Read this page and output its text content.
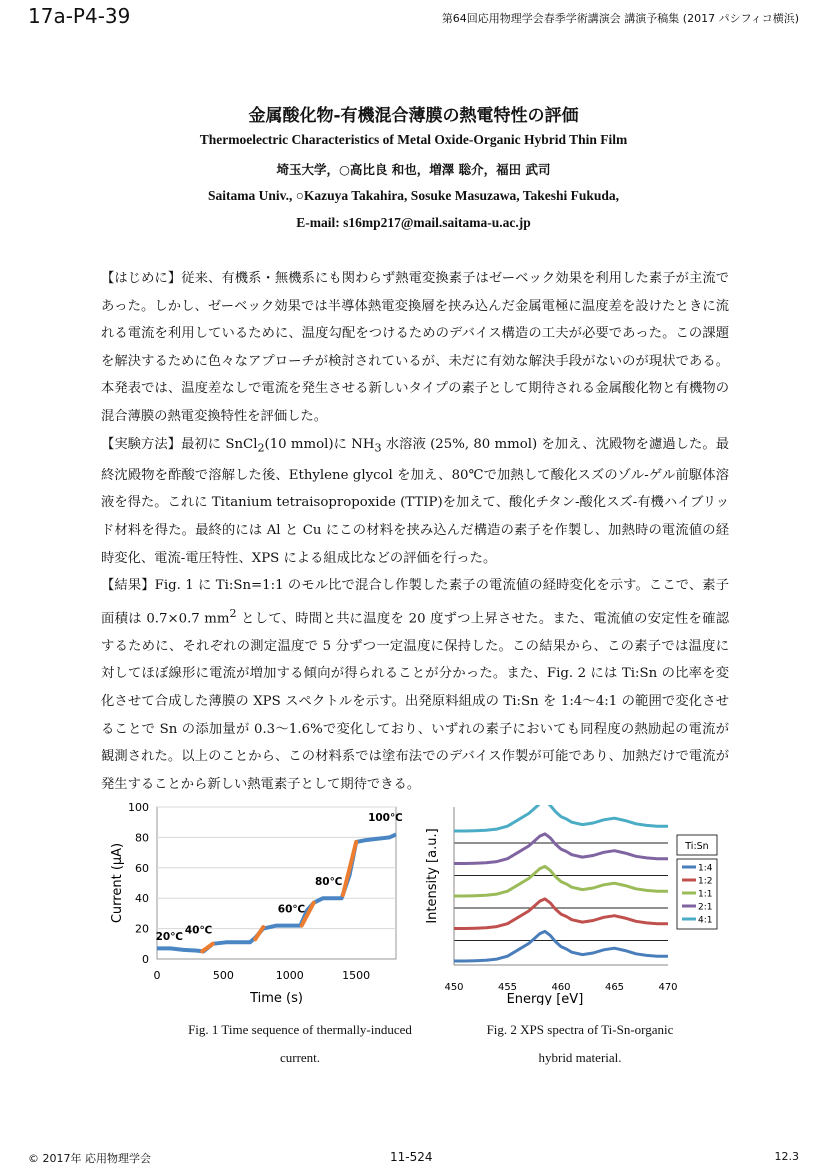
17a-P4-39	第64回応用物理学会春季学術講演会 講演予稿集 (2017 パシフィコ横浜)
金属酸化物-有機混合薄膜の熱電特性の評価
Thermoelectric Characteristics of Metal Oxide-Organic Hybrid Thin Film
埼玉大学，○高比良 和也，増澤 聡介，福田 武司
Saitama Univ., ○Kazuya Takahira, Sosuke Masuzawa, Takeshi Fukuda,
E-mail: s16mp217@mail.saitama-u.ac.jp

【はじめに】従来、有機系・無機系にも関わらず熱電変換素子はゼーベック効果を利用した素子が主流であった。しかし、ゼーベック効果では半導体熱電変換層を挟み込んだ金属電極に温度差を設けたときに流れる電流を利用しているために、温度勾配をつけるためのデバイス構造の工夫が必要であった。この課題を解決するために色々なアプローチが検討されているが、未だに有効な解決手段がないのが現状である。本発表では、温度差なしで電流を発生させる新しいタイプの素子として期待される金属酸化物と有機物の混合薄膜の熱電変換特性を評価した。

【実験方法】最初に SnCl$_2$(10 mmol)に $NH_3$ 水溶液 (25%, 80 mmol) を加え、沈殿物を濾過した。最終沈殿物を酢酸で溶解した後、Ethylene glycol を加え、80℃で加熱して酸化スズのゾル-ゲル前駆体溶液を得た。これに Titanium tetraisopropoxide (TTIP)を加えて、酸化チタン-酸化スズ-有機ハイブリッド材料を得た。最終的には Al と Cu にこの材料を挟み込んだ構造の素子を作製し、加熱時の電流値の経時変化、電流-電圧特性、XPS による組成比などの評価を行った。

【結果】Fig. 1 に Ti:Sn=1:1 のモル比で混合し作製した素子の電流値の経時変化を示す。ここで、素子面積は 0.7×0.7 $mm^2$ として、時間と共に温度を 20 度ずつ上昇させた。また、電流値の安定性を確認するために、それぞれの測定温度で 5 分ずつ一定温度に保持した。この結果から、この素子では温度に対してほぼ線形に電流が増加する傾向が得られることが分かった。また、Fig. 2 には Ti:Sn の比率を変化させて合成した薄膜の XPS スペクトルを示す。出発原料組成の Ti:Sn を 1:4〜4:1 の範囲で変化させることで Sn の添加量が 0.3〜1.6%で変化しており、いずれの素子においても同程度の熱励起の電流が観測された。以上のことから、この材料系では塗布法でのデバイス作製が可能であり、加熱だけで電流が発生することから新しい熱電素子として期待できる。

0
20
40
60
80
100
0	500	1000	1500
Time (s)
Current (μA)
20℃
40℃
60℃
80℃
100℃
450	455	460	465	470
Energy [eV]
Intensity [a.u.]	Ti:Sn
1:4
1:2
1:1
2:1
4:1
Fig. 1 Time sequence of thermally-induced
current.
Fig. 2 XPS spectra of Ti-Sn-organic
hybrid material.
© 2017年 応用物理学会	11-524	12.3
